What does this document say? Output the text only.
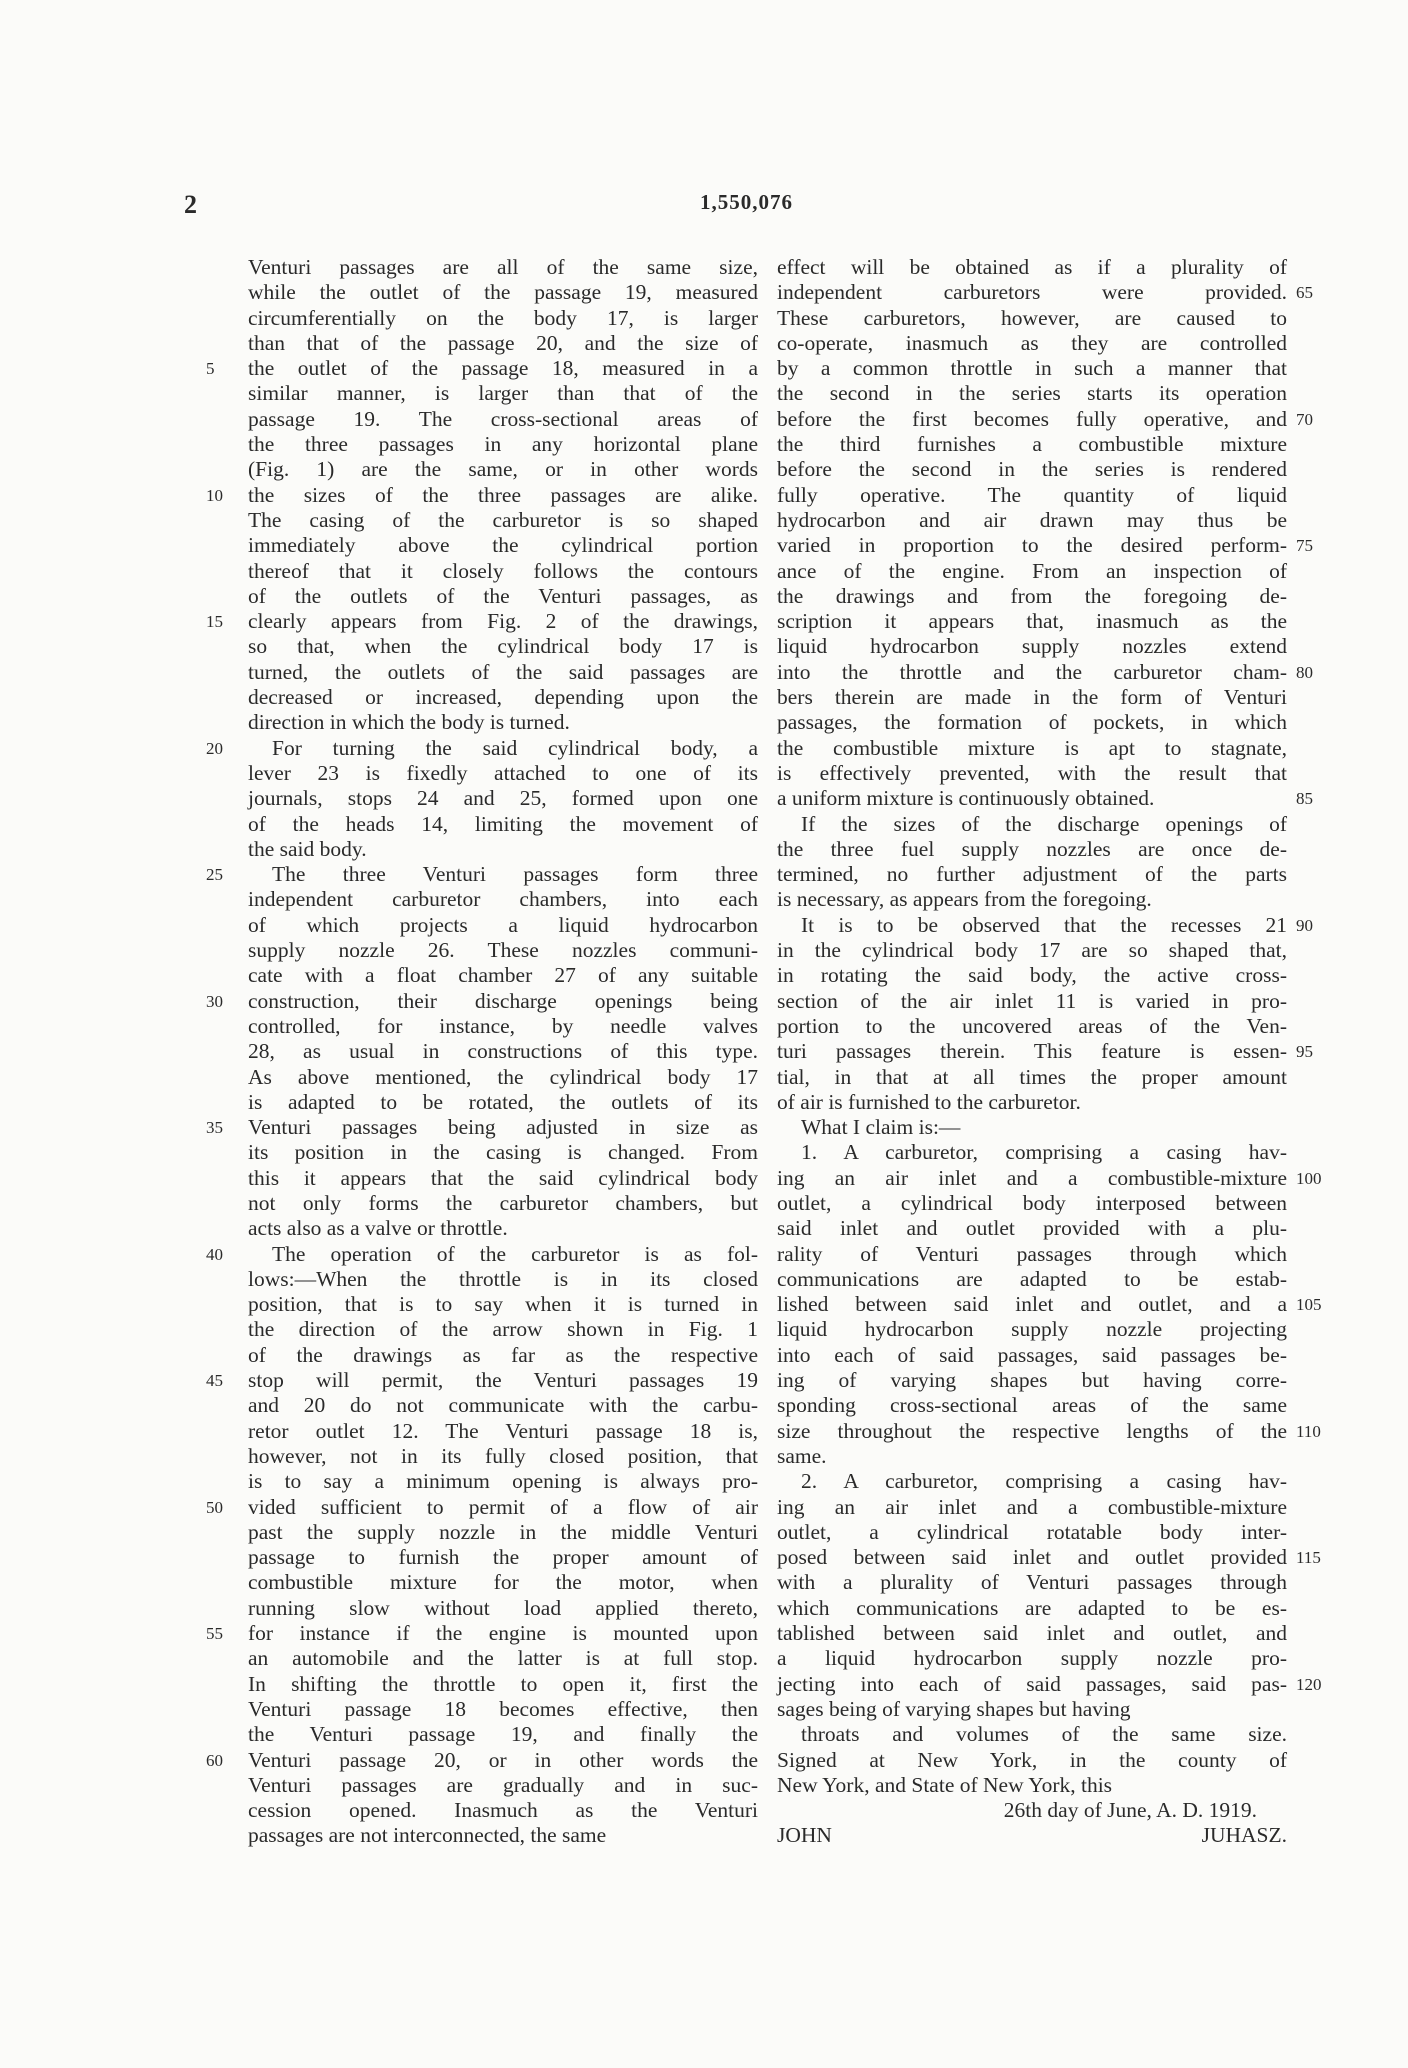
2	1,550,076
Venturi passages are all of the same size,
while the outlet of the passage 19, measured
circumferentially on the body 17, is larger
than that of the passage 20, and the size of
the outlet of the passage 18, measured in a
similar manner, is larger than that of the
passage 19. The cross-sectional areas of
the three passages in any horizontal plane
(Fig. 1) are the same, or in other words
the sizes of the three passages are alike.
The casing of the carburetor is so shaped
immediately above the cylindrical portion
thereof that it closely follows the contours
of the outlets of the Venturi passages, as
clearly appears from Fig. 2 of the drawings,
so that, when the cylindrical body 17 is
turned, the outlets of the said passages are
decreased or increased, depending upon the
direction in which the body is turned.
For turning the said cylindrical body, a
lever 23 is fixedly attached to one of its
journals, stops 24 and 25, formed upon one
of the heads 14, limiting the movement of
the said body.
The three Venturi passages form three
independent carburetor chambers, into each
of which projects a liquid hydrocarbon
supply nozzle 26. These nozzles communi-
cate with a float chamber 27 of any suitable
construction, their discharge openings being
controlled, for instance, by needle valves
28, as usual in constructions of this type.
As above mentioned, the cylindrical body 17
is adapted to be rotated, the outlets of its
Venturi passages being adjusted in size as
its position in the casing is changed. From
this it appears that the said cylindrical body
not only forms the carburetor chambers, but
acts also as a valve or throttle.
The operation of the carburetor is as fol-
lows:—When the throttle is in its closed
position, that is to say when it is turned in
the direction of the arrow shown in Fig. 1
of the drawings as far as the respective
stop will permit, the Venturi passages 19
and 20 do not communicate with the carbu-
retor outlet 12. The Venturi passage 18 is,
however, not in its fully closed position, that
is to say a minimum opening is always pro-
vided sufficient to permit of a flow of air
past the supply nozzle in the middle Venturi
passage to furnish the proper amount of
combustible mixture for the motor, when
running slow without load applied thereto,
for instance if the engine is mounted upon
an automobile and the latter is at full stop.
In shifting the throttle to open it, first the
Venturi passage 18 becomes effective, then
the Venturi passage 19, and finally the
Venturi passage 20, or in other words the
Venturi passages are gradually and in suc-
cession opened. Inasmuch as the Venturi
passages are not interconnected, the same
effect will be obtained as if a plurality of
independent carburetors were provided.
These carburetors, however, are caused to
co-operate, inasmuch as they are controlled
by a common throttle in such a manner that
the second in the series starts its operation
before the first becomes fully operative, and
the third furnishes a combustible mixture
before the second in the series is rendered
fully operative. The quantity of liquid
hydrocarbon and air drawn may thus be
varied in proportion to the desired perform-
ance of the engine. From an inspection of
the drawings and from the foregoing de-
scription it appears that, inasmuch as the
liquid hydrocarbon supply nozzles extend
into the throttle and the carburetor cham-
bers therein are made in the form of Venturi
passages, the formation of pockets, in which
the combustible mixture is apt to stagnate,
is effectively prevented, with the result that
a uniform mixture is continuously obtained.
If the sizes of the discharge openings of
the three fuel supply nozzles are once de-
termined, no further adjustment of the parts
is necessary, as appears from the foregoing.
It is to be observed that the recesses 21
in the cylindrical body 17 are so shaped that,
in rotating the said body, the active cross-
section of the air inlet 11 is varied in pro-
portion to the uncovered areas of the Ven-
turi passages therein. This feature is essen-
tial, in that at all times the proper amount
of air is furnished to the carburetor.
What I claim is:—
1. A carburetor, comprising a casing hav-
ing an air inlet and a combustible-mixture
outlet, a cylindrical body interposed between
said inlet and outlet provided with a plu-
rality of Venturi passages through which
communications are adapted to be estab-
lished between said inlet and outlet, and a
liquid hydrocarbon supply nozzle projecting
into each of said passages, said passages be-
ing of varying shapes but having corre-
sponding cross-sectional areas of the same
size throughout the respective lengths of the
same.
2. A carburetor, comprising a casing hav-
ing an air inlet and a combustible-mixture
outlet, a cylindrical rotatable body inter-
posed between said inlet and outlet provided
with a plurality of Venturi passages through
which communications are adapted to be es-
tablished between said inlet and outlet, and
a liquid hydrocarbon supply nozzle pro-
jecting into each of said passages, said pas-
sages being of varying shapes but having
throats and volumes of the same size.
Signed at New York, in the county of
New York, and State of New York, this
26th day of June, A. D. 1919.
JOHN JUHASZ.
5
10
15
20
25
30
35
40
45
50
55
60
65
70
75
80
85
90
95
100
105
110
115
120
